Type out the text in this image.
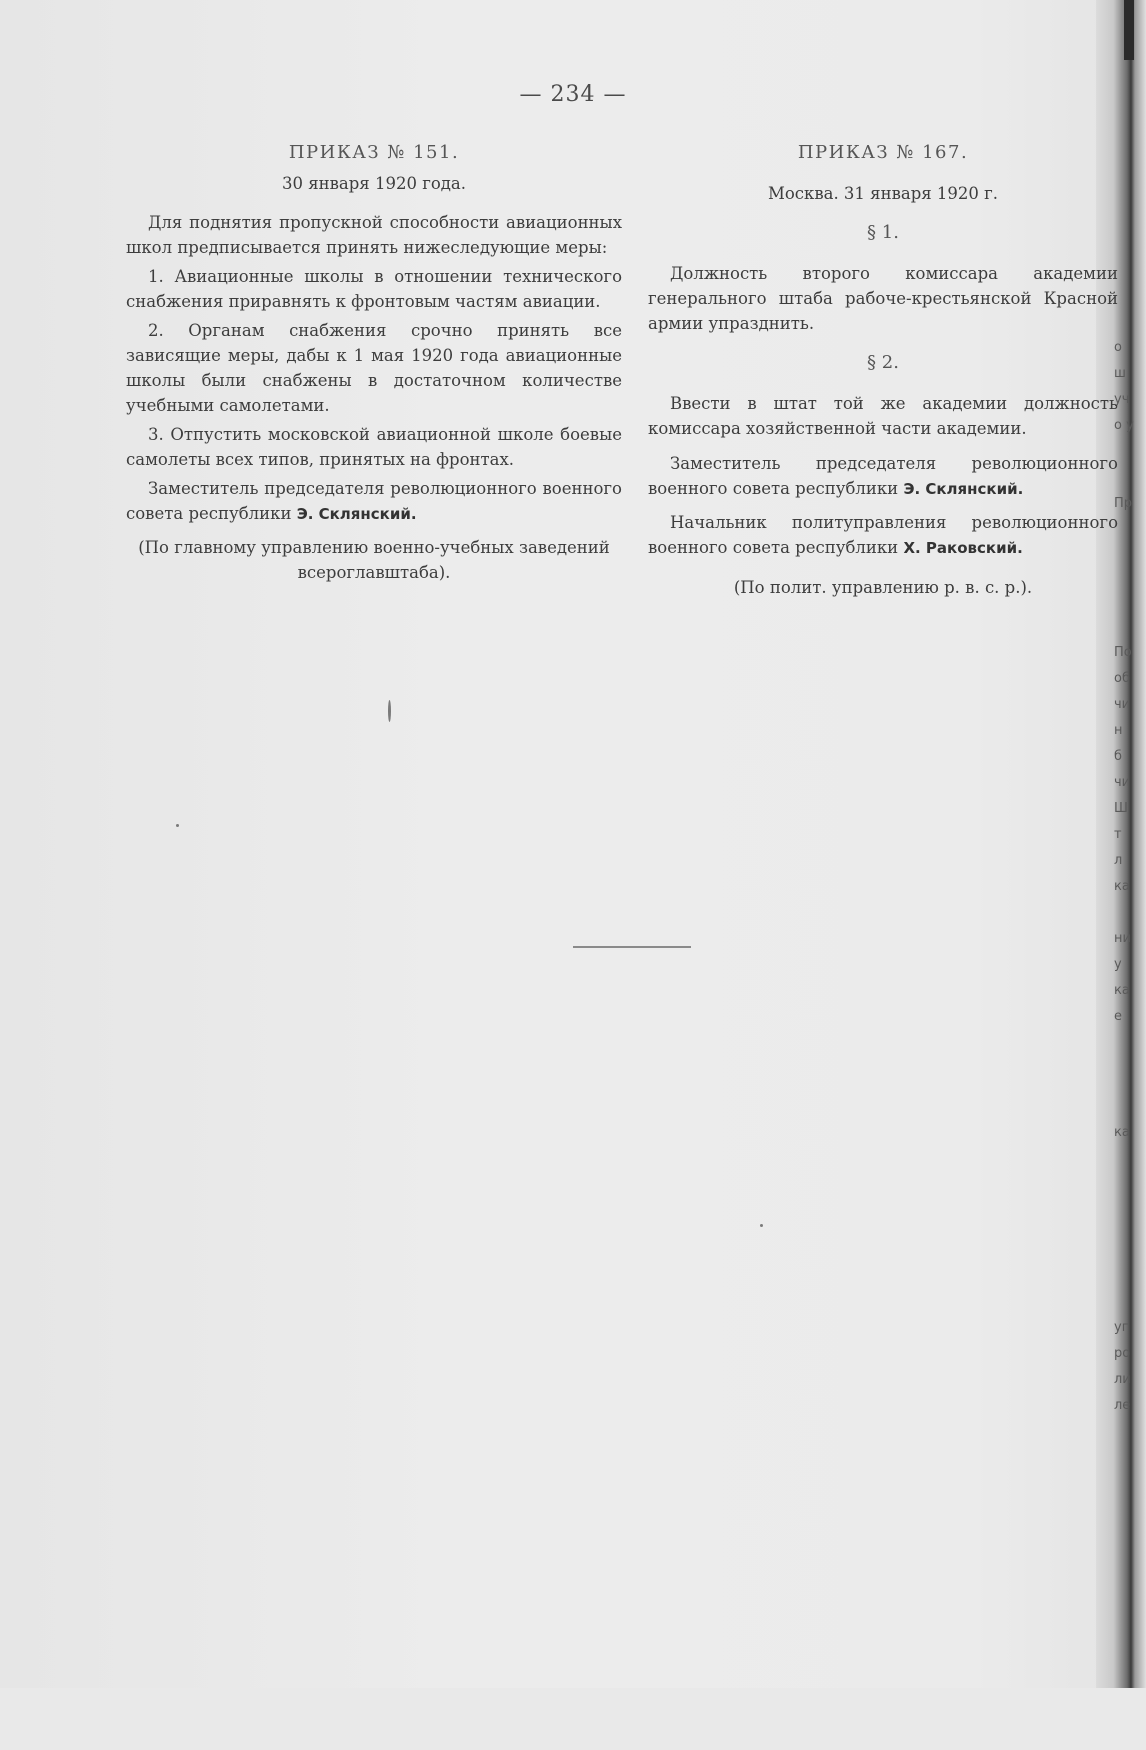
о
ш
уч
о у
Пр
По
об
чи
н
б
чи
Ш
т
л
ка
ни
у
ка
е
ка
уг
ро
ли
ле
— 234 —
ПРИКАЗ № 151.
30 января 1920 года.

Для поднятия пропускной способности авиационных школ предписывается принять нижеследующие меры:

1. Авиационные школы в отношении технического снабжения приравнять к фронтовым частям авиации.

2. Органам снабжения срочно принять все зависящие меры, дабы к 1 мая 1920 года авиационные школы были снабжены в достаточном количестве учебными самолетами.

3. Отпустить московской авиационной школе боевые самолеты всех типов, принятых на фронтах.

Заместитель председателя революционного военного совета республики Э. Склянский.

(По главному управлению военно-учебных заведений всероглавштаба).
ПРИКАЗ № 167.
Москва. 31 января 1920 г.
§ 1.

Должность второго комиссара академии генерального штаба рабоче-крестьянской Красной армии упразднить.

§ 2.

Ввести в штат той же академии должность комиссара хозяйственной части академии.

Заместитель председателя революционного военного совета республики Э. Склянский.

Начальник политуправления революционного военного совета республики Х. Раковский.

(По полит. управлению р. в. с. р.).
